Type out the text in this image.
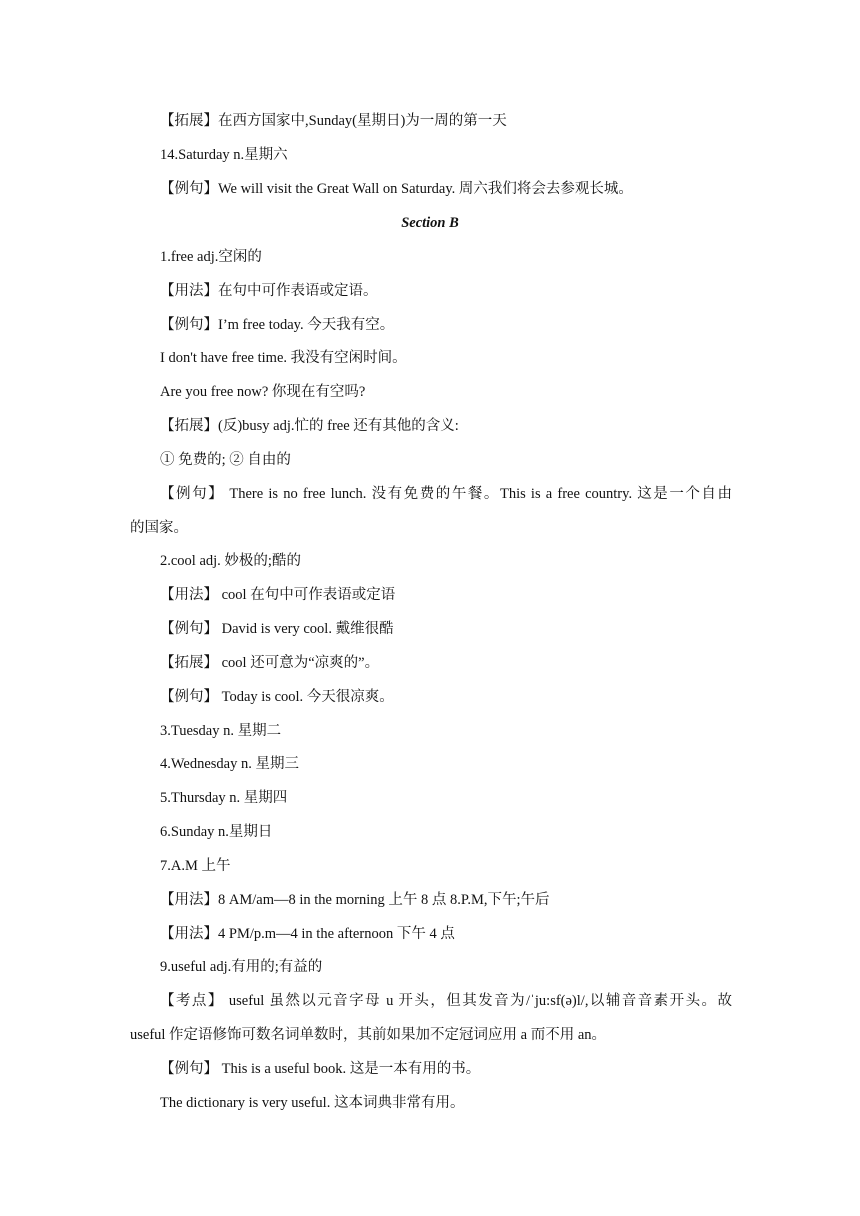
【拓展】在西方国家中,Sunday(星期日)为一周的第一天
14.Saturday n.星期六
【例句】We will visit the Great Wall on Saturday. 周六我们将会去参观长城。
Section B
1.free adj.空闲的
【用法】在句中可作表语或定语。
【例句】I’m free today. 今天我有空。
I don't have free time. 我没有空闲时间。
Are you free now? 你现在有空吗?
【拓展】(反)busy adj.忙的 free 还有其他的含义:
① 免费的; ② 自由的
【例句】 There is no free lunch. 没有免费的午餐。This is a free country. 这是一个自由
的国家。
2.cool adj. 妙极的;酷的
【用法】 cool 在句中可作表语或定语
【例句】 David is very cool. 戴维很酷
【拓展】 cool 还可意为“凉爽的”。
【例句】 Today is cool. 今天很凉爽。
3.Tuesday n. 星期二
4.Wednesday n. 星期三
5.Thursday n. 星期四
6.Sunday n.星期日
7.A.M 上午
【用法】8 AM/am—8 in the morning 上午 8 点 8.P.M,下午;午后
【用法】4 PM/p.m—4 in the afternoon 下午 4 点
9.useful adj.有用的;有益的
【考点】 useful 虽然以元音字母 u 开头，但其发音为/ˈju:sf(ə)l/,以辅音音素开头。故
useful 作定语修饰可数名词单数时，其前如果加不定冠词应用 a 而不用 an。
【例句】 This is a useful book. 这是一本有用的书。
The dictionary is very useful. 这本词典非常有用。
